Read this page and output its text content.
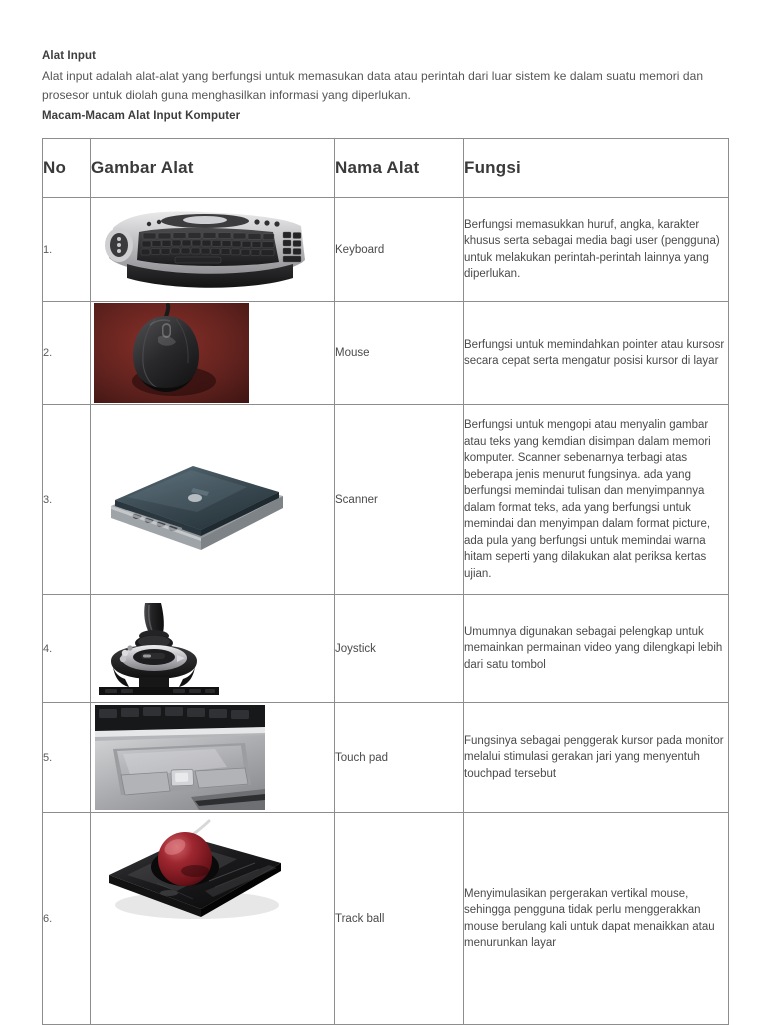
Alat Input
Alat input adalah alat-alat yang berfungsi untuk memasukan data atau perintah dari luar sistem ke dalam suatu memori dan prosesor untuk diolah guna menghasilkan informasi yang diperlukan.
Macam-Macam Alat Input Komputer
No	Gambar Alat	Nama Alat	Fungsi
1.		Keyboard	Berfungsi memasukkan huruf, angka, karakter khusus serta sebagai media bagi user (pengguna) untuk melakukan perintah-perintah lainnya yang diperlukan.
2.		Mouse	Berfungsi untuk memindahkan pointer atau kursosr secara cepat serta mengatur posisi kursor di layar
3.		Scanner	Berfungsi untuk mengopi atau menyalin gambar atau teks yang kemdian disimpan dalam memori komputer. Scanner sebenarnya terbagi atas beberapa jenis menurut fungsinya. ada yang berfungsi memindai tulisan dan menyimpannya dalam format teks, ada yang berfungsi untuk memindai dan menyimpan dalam format picture, ada pula yang berfungsi untuk memindai warna hitam seperti yang dilakukan alat periksa kertas ujian.
4.		Joystick	Umumnya digunakan sebagai pelengkap untuk memainkan permainan video yang dilengkapi lebih dari satu tombol
5.		Touch pad	Fungsinya sebagai penggerak kursor pada monitor melalui stimulasi gerakan jari yang menyentuh touchpad tersebut
6.		Track ball	Menyimulasikan pergerakan vertikal mouse, sehingga pengguna tidak perlu menggerakkan mouse berulang kali untuk dapat menaikkan atau menurunkan layar
